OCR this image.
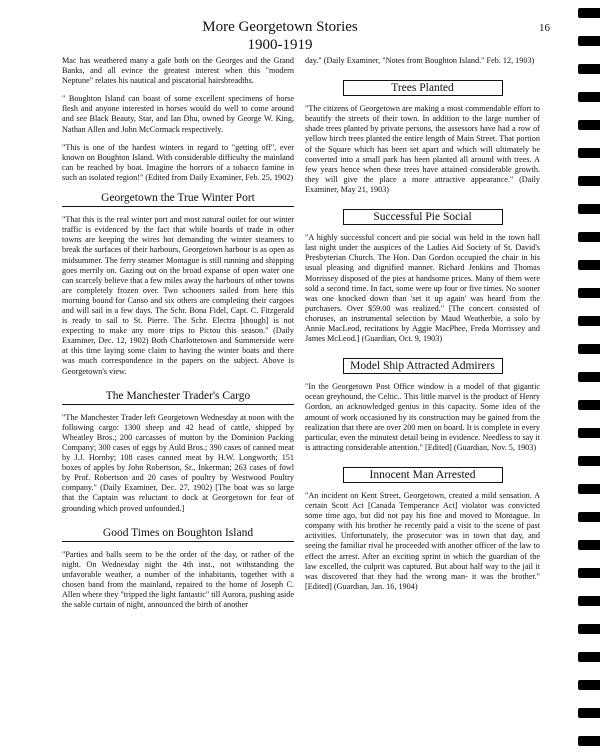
More Georgetown Stories
1900-1919
16

Mac has weathered many a gale both on the Georges and the Grand Banks, and all evince the greatest interest when this "modern Neptune" relates his nautical and piscatorial hairsbreadths.

" Boughton Island can boast of some excellent specimens of horse flesh and anyone interested in horses would do well to come around and see Black Beauty, Star, and Ian Dhu, owned by George W. King, Nathan Allen and John McCormack respectively.

"This is one of the hardest winters in regard to "getting off", ever known on Boughton Island. With considerable difficulty the mainland can be reached by boat. Imagine the horrors of a tobacco famine in such an isolated region!" (Edited from Daily Examiner, Feb. 25, 1902)

Georgetown the True Winter Port

"That this is the real winter port and most natural outlet for our winter traffic is evidenced by the fact that while boards of trade in other towns are keeping the wires hot demanding the winter steamers to break the surfaces of their harbours, Georgetown harbour is as open as midsummer. The ferry steamer Montague is still running and shipping goes merrily on. Gazing out on the broad expanse of open water one can scarcely believe that a few miles away the harbours of other towns are completely frozen over. Two schooners sailed from here this morning bound for Canso and six others are completing their cargoes and will sail in a few days. The Schr. Bona Fidel, Capt. C. Fitzgerald is ready to sail to St. Pierre. The Schr. Electra [though] is not expecting to make any more trips to Pictou this season." (Daily Examiner, Dec. 12, 1902) Both Charlottetown and Summerside were at this time laying some claim to having the winter boats and there was much correspondence in the papers on the subject. Above is Georgetown's view.

The Manchester Trader's Cargo

"The Manchester Trader left Georgetown Wednesday at noon with the following cargo: 1300 sheep and 42 head of cattle, shipped by Wheatley Bros.; 200 carcasses of mutton by the Dominion Packing Company; 300 cases of eggs by Auld Bros.; 390 cases of canned meat by J.J. Hornby; 108 cases canned meat by H.W. Longworth; 151 boxes of apples by John Robertson, Sr., Inkerman; 263 cases of fowl by Prof. Robertson and 20 cases of poultry by Westwood Poultry company." (Daily Examiner, Dec. 27, 1902) [The boat was so large that the Captain was reluctant to dock at Georgetown for fear of grounding which proved unfounded.]

Good Times on Boughton Island

"Parties and balls seem to be the order of the day, or rather of the night. On Wednesday night the 4th inst., not withstanding the unfavorable weather, a number of the inhabitants, together with a chosen band from the mainland, repaired to the home of Joseph C. Allen where they "tripped the light fantastic" till Aurora, pushing aside the sable curtain of night, announced the birth of another

day." (Daily Examiner, "Notes from Boughton Island." Feb. 12, 1903)

Trees Planted

"The citizens of Georgetown are making a most commendable effort to beautify the streets of their town. In addition to the large number of shade trees planted by private persons, the assessors have had a row of yellow birch trees planted the entire length of Main Street. That portion of the Square which has been set apart and which will ultimately be converted into a small park has been planted all around with trees. A few years hence when these trees have attained considerable growth. they will give the place a more attractive appearance." (Daily Examiner, May 21, 1903)

Successful Pie Social

"A highly successful concert and pie social was held in the town hall last night under the auspices of the Ladies Aid Society of St. David's Presbyterian Church. The Hon. Dan Gordon occupied the chair in his usual pleasing and dignified manner. Richard Jenkins and Thomas Morrissey disposed of the pies at handsome prices. Many of them were sold a second time. In fact, some were up four or five times. No sooner was one knocked down than 'set it up again' was heard from the purchasers. Over $59.00 was realized." [The concert consisted of choruses, an instrumental selection by Maud Weatherbie, a solo by Annie MacLeod, recitations by Aggie MacPhee, Freda Morrissey and James McLeod.] (Guardian, Oct. 9, 1903)

Model Ship Attracted Admirers

"In the Georgetown Post Office window is a model of that gigantic ocean greyhound, the Celtic.. This little marvel is the product of Henry Gordon, an acknowledged genius in this capacity. Some idea of the amount of work occasioned by its construction may be gained from the realization that there are over 200 men on board. It is complete in every particular, even the minutest detail being in evidence. Needless to say it is attracting considerable attention." [Edited] (Guardian, Nov. 5, 1903)

Innocent Man Arrested

"An incident on Kent Street, Georgetown, created a mild sensation. A certain Scott Act [Canada Temperance Act] violator was convicted some time ago, but did not pay his fine and moved to Montague. In company with his brother he recently paid a visit to the scene of past activities. Unfortunately, the prosecutor was in town that day, and seeing the familiar rival he proceeded with another officer of the law to effect the arrest. After an exciting sprint in which the guardian of the law excelled, the culprit was captured. But about half way to the jail it was discovered that they had the wrong man- it was the brother." [Edited] (Guardian, Jan. 16, 1904)
